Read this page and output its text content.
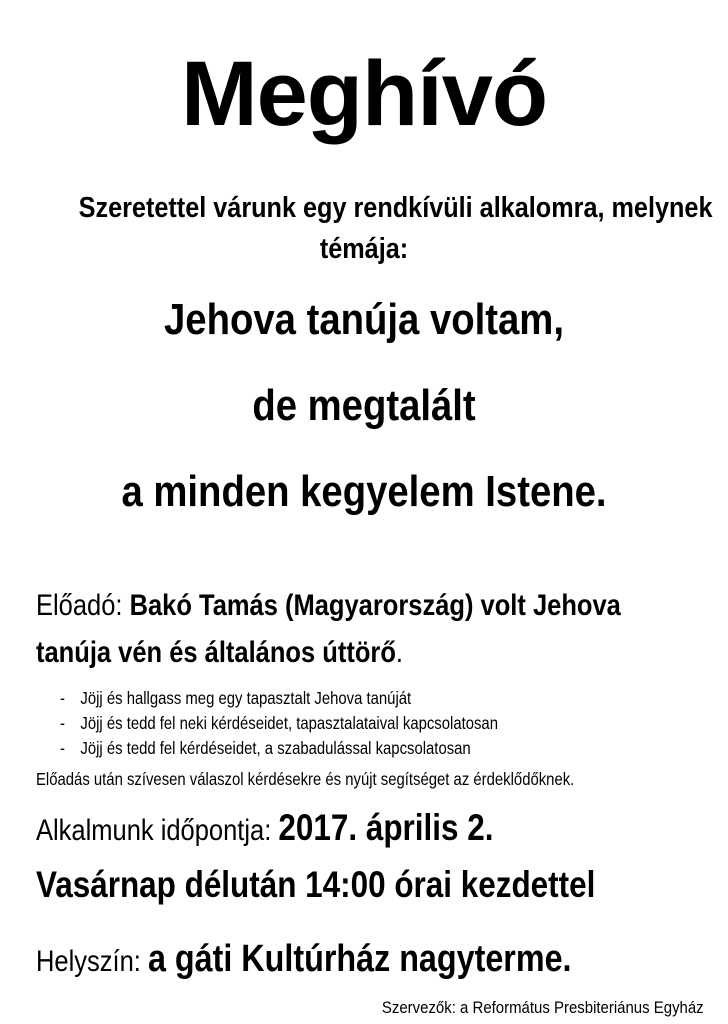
Meghívó
Szeretettel várunk egy rendkívüli alkalomra, melynek
témája:
Jehova tanúja voltam,
de megtalált
a minden kegyelem Istene.
Előadó: Bakó Tamás (Magyarország) volt Jehova
tanúja vén és általános úttörő.
- Jöjj és hallgass meg egy tapasztalt Jehova tanúját
- Jöjj és tedd fel neki kérdéseidet, tapasztalataival kapcsolatosan
- Jöjj és tedd fel kérdéseidet, a szabadulással kapcsolatosan
Előadás után szívesen válaszol kérdésekre és nyújt segítséget az érdeklődőknek.
Alkalmunk időpontja: 2017. április 2.
Vasárnap délután 14:00 órai kezdettel
Helyszín: a gáti Kultúrház nagyterme.
Szervezők: a Református Presbiteriánus Egyház
